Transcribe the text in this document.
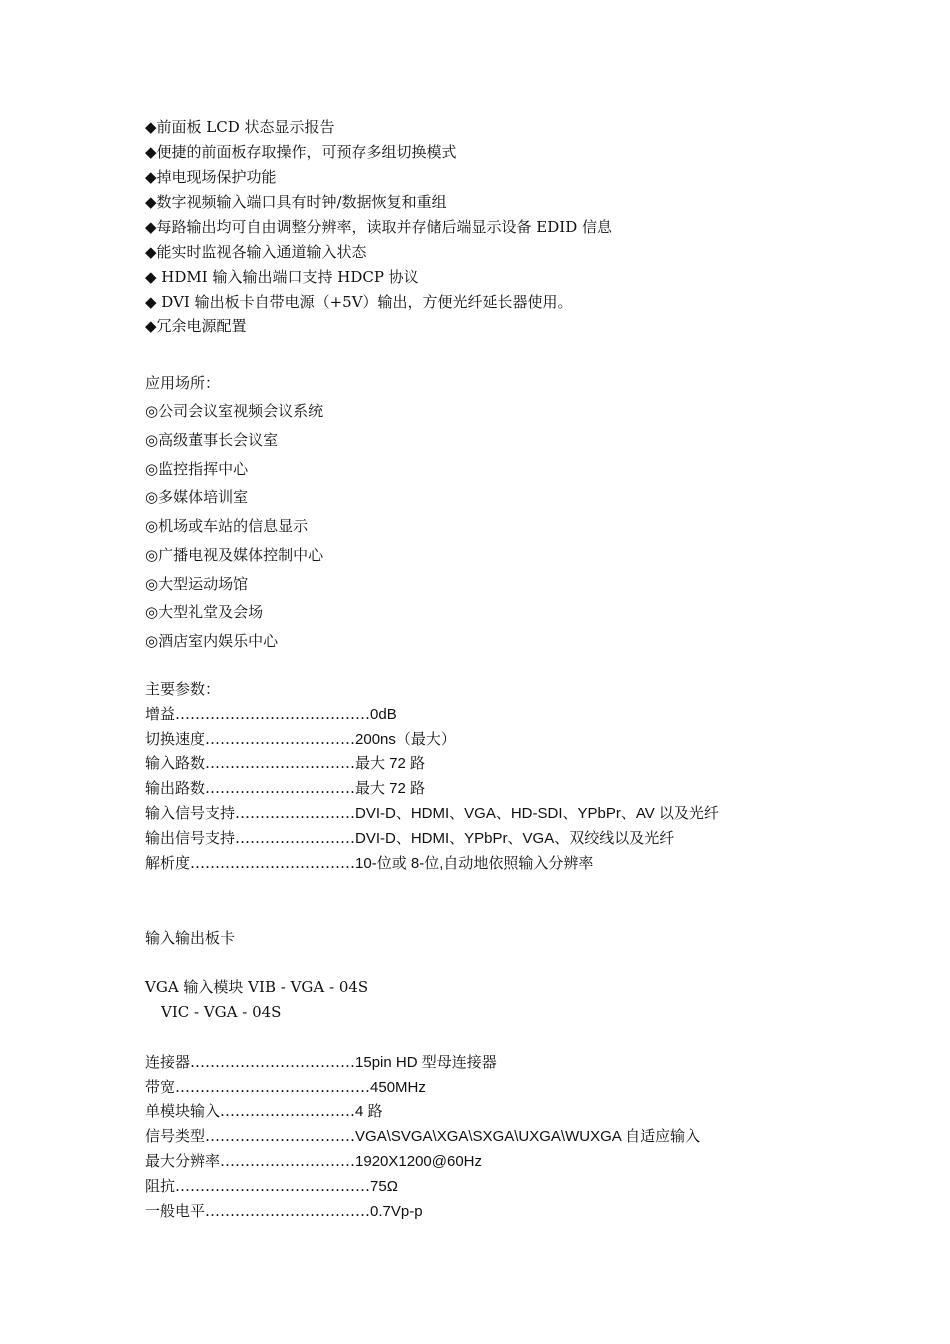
◆前面板 LCD 状态显示报告
◆便捷的前面板存取操作，可预存多组切换模式
◆掉电现场保护功能
◆数字视频输入端口具有时钟/数据恢复和重组
◆每路输出均可自由调整分辨率，读取并存储后端显示设备 EDID 信息
◆能实时监视各输入通道输入状态
◆ HDMI 输入输出端口支持 HDCP 协议
◆ DVI 输出板卡自带电源（+5V）输出，方便光纤延长器使用。
◆冗余电源配置
应用场所：
◎公司会议室视频会议系统
◎高级董事长会议室
◎监控指挥中心
◎多媒体培训室
◎机场或车站的信息显示
◎广播电视及媒体控制中心
◎大型运动场馆
◎大型礼堂及会场
◎酒店室内娱乐中心
主要参数：
增益…………………………………0dB
切换速度…………………………200ns（最大）
输入路数…………………………最大 72 路
输出路数…………………………最大 72 路
输入信号支持……………………DVI-D、HDMI、VGA、HD-SDI、YPbPr、AV 以及光纤
输出信号支持……………………DVI-D、HDMI、YPbPr、VGA、双绞线以及光纤
解析度……………………………10-位或 8-位,自动地依照输入分辨率
输入输出板卡
VGA 输入模块 VIB - VGA - 04S
VIC - VGA - 04S
连接器……………………………15pin HD 型母连接器
带宽…………………………………450MHz
单模块输入………………………4 路
信号类型…………………………VGA\SVGA\XGA\SXGA\UXGA\WUXGA 自适应输入
最大分辨率………………………1920X1200@60Hz
阻抗…………………………………75Ω
一般电平……………………………0.7Vp-p
